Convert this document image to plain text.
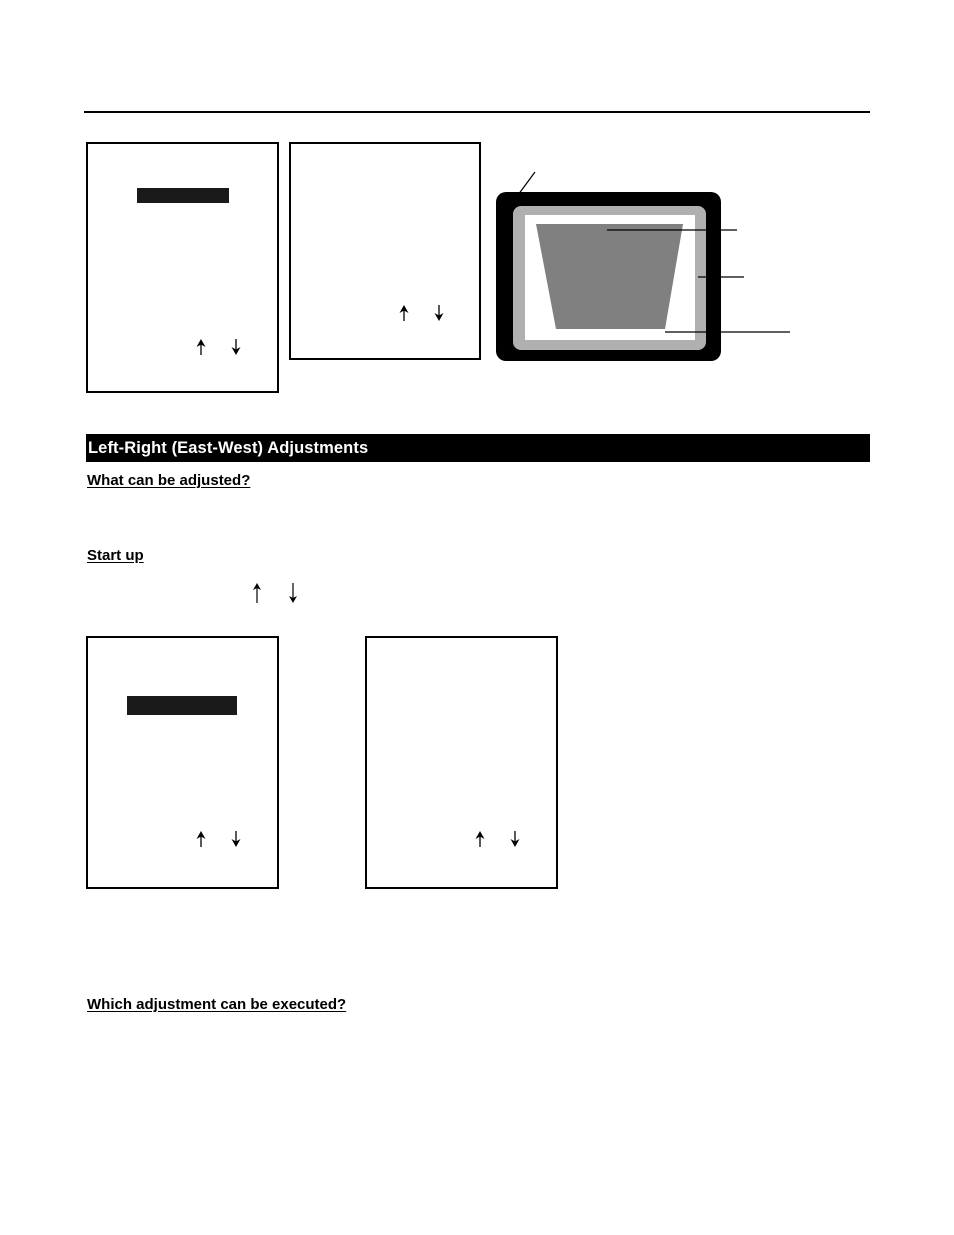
Left-Right (East-West) Adjustments
What can be adjusted?
Start up
Which adjustment can be executed?
